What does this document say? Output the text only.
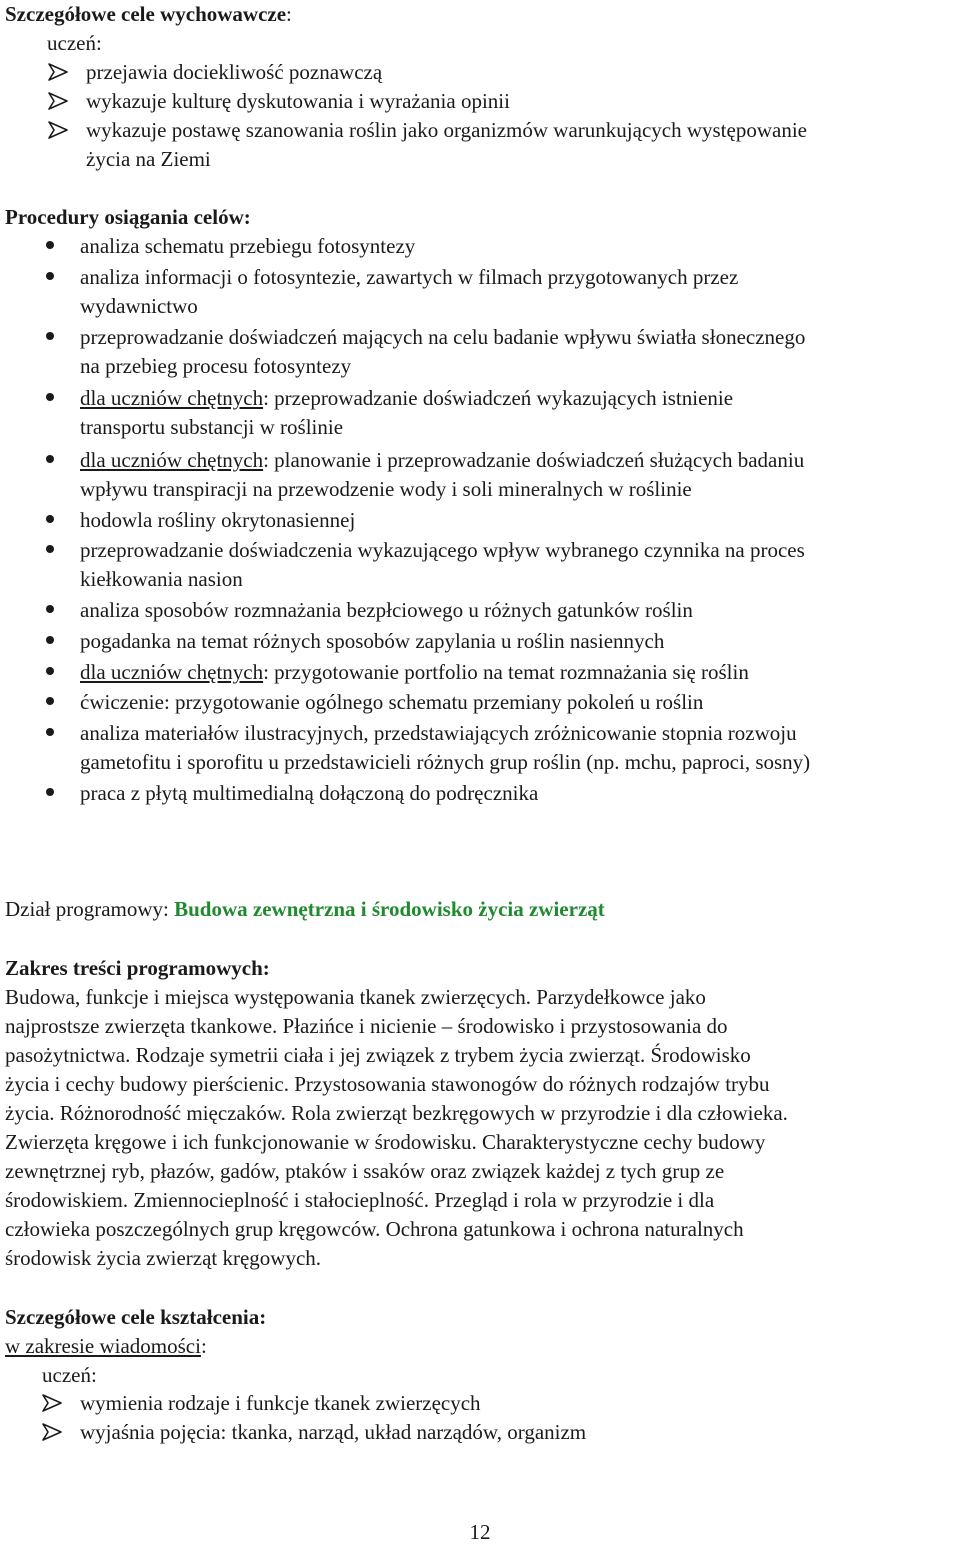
Szczegółowe cele wychowawcze:
uczeń:
przejawia dociekliwość poznawczą
wykazuje kulturę dyskutowania i wyrażania opinii
wykazuje postawę szanowania roślin jako organizmów warunkujących występowanie
życia na Ziemi
Procedury osiągania celów:
analiza schematu przebiegu fotosyntezy
analiza informacji o fotosyntezie, zawartych w filmach przygotowanych przez
wydawnictwo
przeprowadzanie doświadczeń mających na celu badanie wpływu światła słonecznego
na przebieg procesu fotosyntezy
dla uczniów chętnych: przeprowadzanie doświadczeń wykazujących istnienie
transportu substancji w roślinie
dla uczniów chętnych: planowanie i przeprowadzanie doświadczeń służących badaniu
wpływu transpiracji na przewodzenie wody i soli mineralnych w roślinie
hodowla rośliny okrytonasiennej
przeprowadzanie doświadczenia wykazującego wpływ wybranego czynnika na proces
kiełkowania nasion
analiza sposobów rozmnażania bezpłciowego u różnych gatunków roślin
pogadanka na temat różnych sposobów zapylania u roślin nasiennych
dla uczniów chętnych: przygotowanie portfolio na temat rozmnażania się roślin
ćwiczenie: przygotowanie ogólnego schematu przemiany pokoleń u roślin
analiza materiałów ilustracyjnych, przedstawiających zróżnicowanie stopnia rozwoju
gametofitu i sporofitu u przedstawicieli różnych grup roślin (np. mchu, paproci, sosny)
praca z płytą multimedialną dołączoną do podręcznika
Dział programowy: Budowa zewnętrzna i środowisko życia zwierząt
Zakres treści programowych:
Budowa, funkcje i miejsca występowania tkanek zwierzęcych. Parzydełkowce jako
najprostsze zwierzęta tkankowe. Płazińce i nicienie – środowisko i przystosowania do
pasożytnictwa. Rodzaje symetrii ciała i jej związek z trybem życia zwierząt. Środowisko
życia i cechy budowy pierścienic. Przystosowania stawonogów do różnych rodzajów trybu
życia. Różnorodność mięczaków. Rola zwierząt bezkręgowych w przyrodzie i dla człowieka.
Zwierzęta kręgowe i ich funkcjonowanie w środowisku. Charakterystyczne cechy budowy
zewnętrznej ryb, płazów, gadów, ptaków i ssaków oraz związek każdej z tych grup ze
środowiskiem. Zmiennocieplność i stałocieplność. Przegląd i rola w przyrodzie i dla
człowieka poszczególnych grup kręgowców. Ochrona gatunkowa i ochrona naturalnych
środowisk życia zwierząt kręgowych.
Szczegółowe cele kształcenia:
w zakresie wiadomości:
uczeń:
wymienia rodzaje i funkcje tkanek zwierzęcych
wyjaśnia pojęcia: tkanka, narząd, układ narządów, organizm
12
